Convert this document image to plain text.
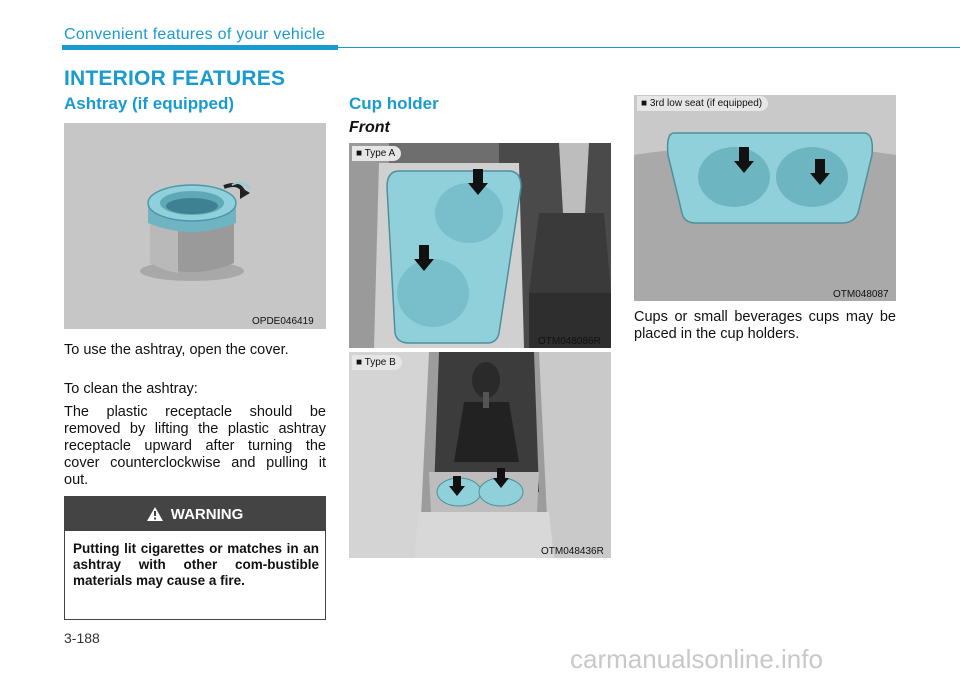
Convenient features of your vehicle
INTERIOR FEATURES
Ashtray (if equipped)
OPDE046419
To use the ashtray, open the cover.
To clean the ashtray:
The plastic receptacle should be removed by lifting the plastic ashtray receptacle upward after turning the cover counterclockwise and pulling it out.
WARNING
Putting lit cigarettes or matches in an ashtray with other com-bustible materials may cause a fire.
Cup holder
Front
■ Type A
OTM048086R
■ Type B
OTM048436R
■ 3rd low seat (if equipped)
OTM048087
Cups or small beverages cups may be placed in the cup holders.
3-188
carmanualsonline.info
